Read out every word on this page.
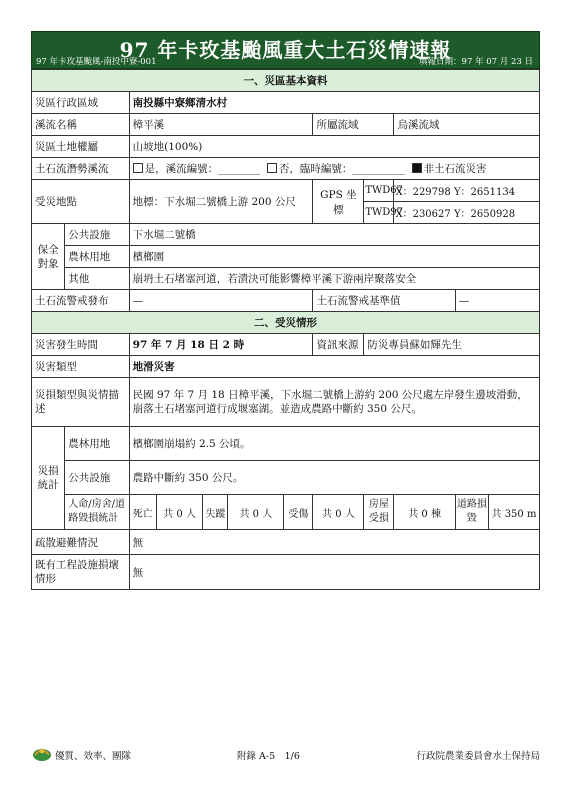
97 年卡玫基颱風重大土石災情速報
97 年卡玫基颱風-南投中寮-001	填報日期：97 年 07 月 23 日
一、災區基本資料											
災區行政區域		南投縣中寮鄉清水村									
溪流名稱		樟平溪					所屬流域		烏溪流域		
災區土地權屬		山坡地(100%)									
土石流潛勢溪流		是，溪流編號：________ 否，臨時編號：__________ 非土石流災害									
受災地點		地標：下水堀二號橋上游 200 公尺					GPS 坐標	TWD67	X：229798 Y：2651134		
								TWD97	X：230627 Y：2650928		
保全對象	公共設施	下水堀二號橋									
	農林用地	檳榔園									
	其他	崩坍土石堵塞河道，若潰決可能影響樟平溪下游兩岸聚落安全									
土石流警戒發布		—					土石流警戒基準值			—	
二、受災情形											
災害發生時間		97 年 7 月 18 日 2 時					資訊來源	防災專員蘇如輝先生			
災害類型		地滑災害									
災損類型與災情描述		民國 97 年 7 月 18 日樟平溪，下水堀二號橋上游約 200 公尺處左岸發生邊坡滑動，崩落土石堵塞河道行成堰塞湖。並造成農路中斷約 350 公尺。									
災損統計	農林用地	檳榔園崩塌約 2.5 公頃。									
	公共設施	農路中斷約 350 公尺。									
	人命/房舍/道路毀損統計	死亡	共 0 人	失蹤	共 0 人	受傷	共 0 人	房屋受損	共 0 棟	道路損毀	共 350 m
疏散避難情況		無									
既有工程設施損壞情形		無									
優質、效率、團隊	附錄 A-5　1/6	行政院農業委員會水土保持局
